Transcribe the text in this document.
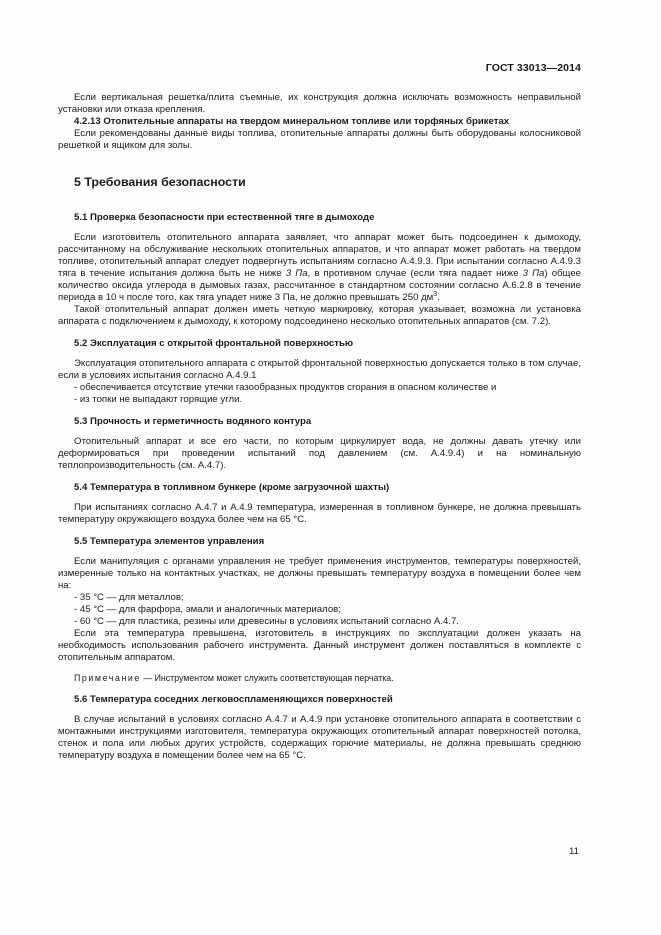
ГОСТ 33013—2014

Если вертикальная решетка/плита съемные, их конструкция должна исключать возможность неправильной установки или отказа крепления.

4.2.13 Отопительные аппараты на твердом минеральном топливе или торфяных брикетах

Если рекомендованы данные виды топлива, отопительные аппараты должны быть оборудованы колосниковой решеткой и ящиком для золы.

5 Требования безопасности

5.1 Проверка безопасности при естественной тяге в дымоходе

Если изготовитель отопительного аппарата заявляет, что аппарат может быть подсоединен к дымоходу, рассчитанному на обслуживание нескольких отопительных аппаратов, и что аппарат может работать на твердом топливе, отопительный аппарат следует подвергнуть испытаниям согласно А.4.9.3. При испытании согласно А.4.9.3 тяга в течение испытания должна быть не ниже 3 Па, в противном случае (если тяга падает ниже 3 Па) общее количество оксида углерода в дымовых газах, рассчитанное в стандартном состоянии согласно А.6.2.8 в течение периода в 10 ч после того, как тяга упадет ниже 3 Па, не должно превышать 250 $дм^3$.

Такой отопительный аппарат должен иметь четкую маркировку, которая указывает, возможна ли установка аппарата с подключением к дымоходу, к которому подсоединено несколько отопительных аппаратов (см. 7.2).

5.2 Эксплуатация с открытой фронтальной поверхностью

Эксплуатация отопительного аппарата с открытой фронтальной поверхностью допускается только в том случае, если в условиях испытания согласно А.4.9.1

- обеспечивается отсутствие утечки газообразных продуктов сгорания в опасном количестве и

- из топки не выпадают горящие угли.

5.3 Прочность и герметичность водяного контура

Отопительный аппарат и все его части, по которым циркулирует вода, не должны давать утечку или деформироваться при проведении испытаний под давлением (см. А.4.9.4) и на номинальную теплопроизводительность (см. А.4.7).

5.4 Температура в топливном бункере (кроме загрузочной шахты)

При испытаниях согласно А.4.7 и А.4.9 температура, измеренная в топливном бункере, не должна превышать температуру окружающего воздуха более чем на 65 °С.

5.5 Температура элементов управления

Если манипуляция с органами управления не требует применения инструментов, температуры поверхностей, измеренные только на контактных участках, не должны превышать температуру воздуха в помещении более чем на:

- 35 °С — для металлов;

- 45 °С — для фарфора, эмали и аналогичных материалов;

- 60 °С — для пластика, резины или древесины в условиях испытаний согласно А.4.7.

Если эта температура превышена, изготовитель в инструкциях по эксплуатации должен указать на необходимость использования рабочего инструмента. Данный инструмент должен поставляться в комплекте с отопительным аппаратом.

Примечание — Инструментом может служить соответствующая перчатка.

5.6 Температура соседних легковоспламеняющихся поверхностей

В случае испытаний в условиях согласно А.4.7 и А.4.9 при установке отопительного аппарата в соответствии с монтажными инструкциями изготовителя, температура окружающих отопительный аппарат поверхностей потолка, стенок и пола или любых других устройств, содержащих горючие материалы, не должна превышать среднюю температуру воздуха в помещении более чем на 65 °С.

11
